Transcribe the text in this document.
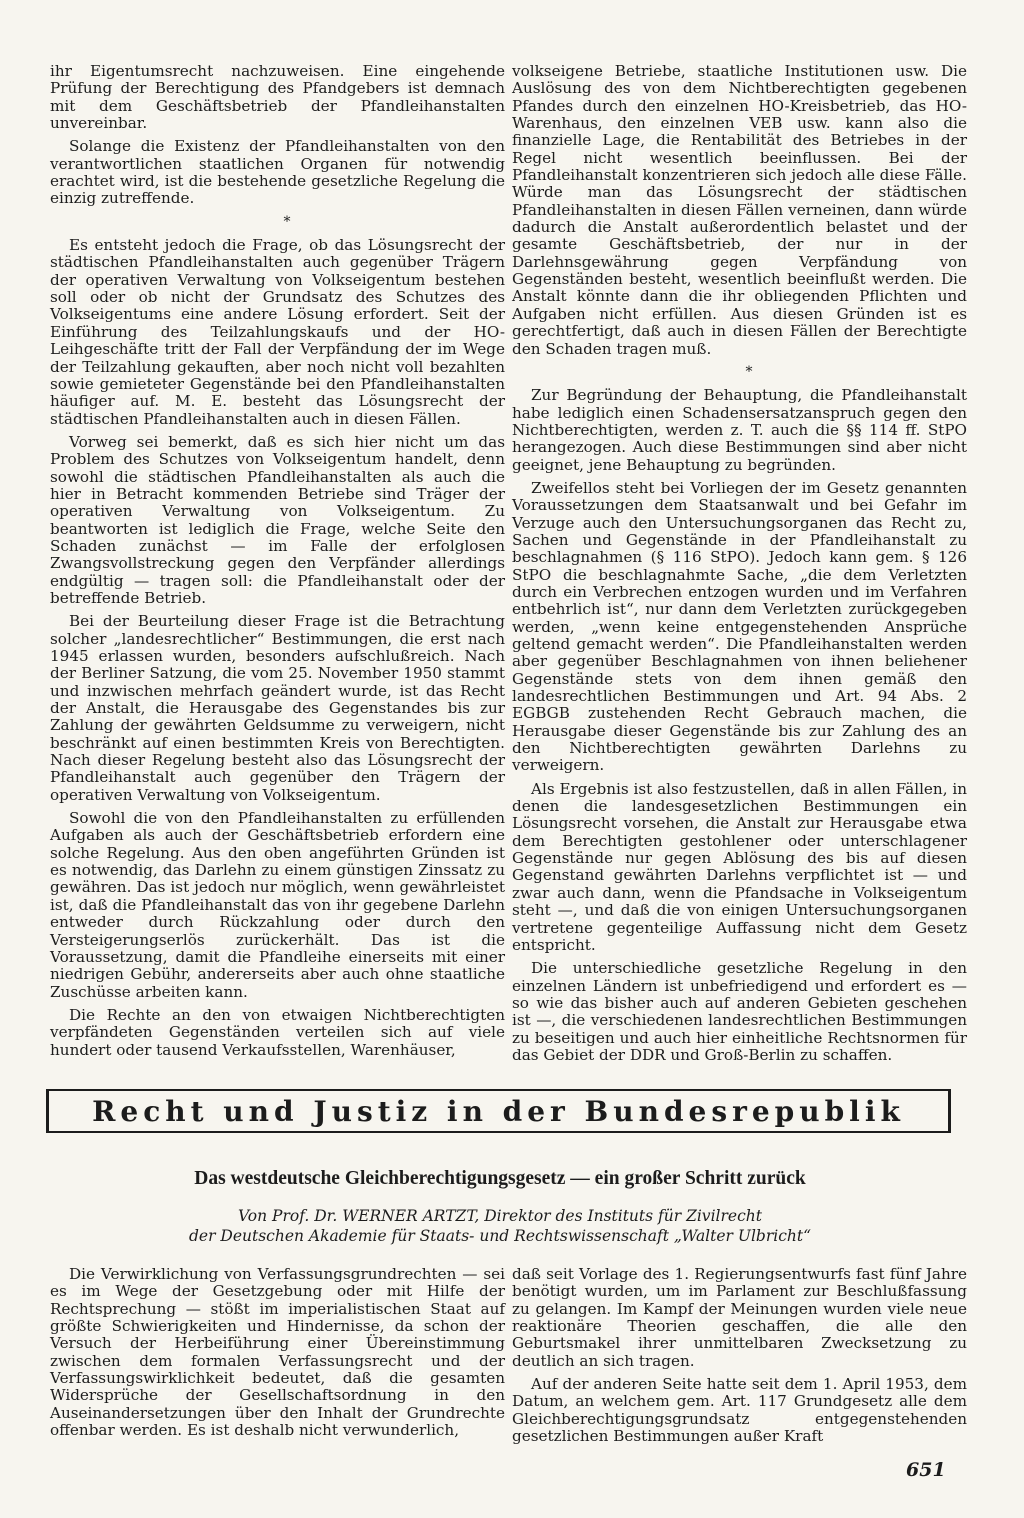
ihr Eigentumsrecht nachzuweisen. Eine eingehende Prüfung der Berechtigung des Pfandgebers ist demnach mit dem Geschäftsbetrieb der Pfandleihanstalten unvereinbar.

Solange die Existenz der Pfandleihanstalten von den verantwortlichen staatlichen Organen für notwendig erachtet wird, ist die bestehende gesetzliche Regelung die einzig zutreffende.

*

Es entsteht jedoch die Frage, ob das Lösungsrecht der städtischen Pfandleihanstalten auch gegenüber Trägern der operativen Verwaltung von Volkseigentum bestehen soll oder ob nicht der Grundsatz des Schutzes des Volkseigentums eine andere Lösung erfordert. Seit der Einführung des Teilzahlungskaufs und der HO-Leihgeschäfte tritt der Fall der Verpfändung der im Wege der Teilzahlung gekauften, aber noch nicht voll bezahlten sowie gemieteter Gegenstände bei den Pfandleihanstalten häufiger auf. M. E. besteht das Lösungsrecht der städtischen Pfandleihanstalten auch in diesen Fällen.

Vorweg sei bemerkt, daß es sich hier nicht um das Problem des Schutzes von Volkseigentum handelt, denn sowohl die städtischen Pfandleihanstalten als auch die hier in Betracht kommenden Betriebe sind Träger der operativen Verwaltung von Volkseigentum. Zu beantworten ist lediglich die Frage, welche Seite den Schaden zunächst — im Falle der erfolglosen Zwangsvollstreckung gegen den Verpfänder allerdings endgültig — tragen soll: die Pfandleihanstalt oder der betreffende Betrieb.

Bei der Beurteilung dieser Frage ist die Betrachtung solcher „landesrechtlicher“ Bestimmungen, die erst nach 1945 erlassen wurden, besonders aufschlußreich. Nach der Berliner Satzung, die vom 25. November 1950 stammt und inzwischen mehrfach geändert wurde, ist das Recht der Anstalt, die Herausgabe des Gegenstandes bis zur Zahlung der gewährten Geldsumme zu verweigern, nicht beschränkt auf einen bestimmten Kreis von Berechtigten. Nach dieser Regelung besteht also das Lösungsrecht der Pfandleihanstalt auch gegenüber den Trägern der operativen Verwaltung von Volkseigentum.

Sowohl die von den Pfandleihanstalten zu erfüllenden Aufgaben als auch der Geschäftsbetrieb erfordern eine solche Regelung. Aus den oben angeführten Gründen ist es notwendig, das Darlehn zu einem günstigen Zinssatz zu gewähren. Das ist jedoch nur möglich, wenn gewährleistet ist, daß die Pfandleihanstalt das von ihr gegebene Darlehn entweder durch Rückzahlung oder durch den Versteigerungserlös zurückerhält. Das ist die Voraussetzung, damit die Pfandleihe einerseits mit einer niedrigen Gebühr, andererseits aber auch ohne staatliche Zuschüsse arbeiten kann.

Die Rechte an den von etwaigen Nichtberechtigten verpfändeten Gegenständen verteilen sich auf viele hundert oder tausend Verkaufsstellen, Warenhäuser,

volkseigene Betriebe, staatliche Institutionen usw. Die Auslösung des von dem Nichtberechtigten gegebenen Pfandes durch den einzelnen HO-Kreisbetrieb, das HO-Warenhaus, den einzelnen VEB usw. kann also die finanzielle Lage, die Rentabilität des Betriebes in der Regel nicht wesentlich beeinflussen. Bei der Pfandleihanstalt konzentrieren sich jedoch alle diese Fälle. Würde man das Lösungsrecht der städtischen Pfandleihanstalten in diesen Fällen verneinen, dann würde dadurch die Anstalt außerordentlich belastet und der gesamte Geschäftsbetrieb, der nur in der Darlehnsgewährung gegen Verpfändung von Gegenständen besteht, wesentlich beeinflußt werden. Die Anstalt könnte dann die ihr obliegenden Pflichten und Aufgaben nicht erfüllen. Aus diesen Gründen ist es gerechtfertigt, daß auch in diesen Fällen der Berechtigte den Schaden tragen muß.

*

Zur Begründung der Behauptung, die Pfandleihanstalt habe lediglich einen Schadensersatzanspruch gegen den Nichtberechtigten, werden z. T. auch die §§ 114 ff. StPO herangezogen. Auch diese Bestimmungen sind aber nicht geeignet, jene Behauptung zu begründen.

Zweifellos steht bei Vorliegen der im Gesetz genannten Voraussetzungen dem Staatsanwalt und bei Gefahr im Verzuge auch den Untersuchungsorganen das Recht zu, Sachen und Gegenstände in der Pfandleihanstalt zu beschlagnahmen (§ 116 StPO). Jedoch kann gem. § 126 StPO die beschlagnahmte Sache, „die dem Verletzten durch ein Verbrechen entzogen wurden und im Verfahren entbehrlich ist“, nur dann dem Verletzten zurückgegeben werden, „wenn keine entgegenstehenden Ansprüche geltend gemacht werden“. Die Pfandleihanstalten werden aber gegenüber Beschlagnahmen von ihnen beliehener Gegenstände stets von dem ihnen gemäß den landesrechtlichen Bestimmungen und Art. 94 Abs. 2 EGBGB zustehenden Recht Gebrauch machen, die Herausgabe dieser Gegenstände bis zur Zahlung des an den Nichtberechtigten gewährten Darlehns zu verweigern.

Als Ergebnis ist also festzustellen, daß in allen Fällen, in denen die landesgesetzlichen Bestimmungen ein Lösungsrecht vorsehen, die Anstalt zur Herausgabe etwa dem Berechtigten gestohlener oder unterschlagener Gegenstände nur gegen Ablösung des bis auf diesen Gegenstand gewährten Darlehns verpflichtet ist — und zwar auch dann, wenn die Pfandsache in Volkseigentum steht —, und daß die von einigen Untersuchungsorganen vertretene gegenteilige Auffassung nicht dem Gesetz entspricht.

Die unterschiedliche gesetzliche Regelung in den einzelnen Ländern ist unbefriedigend und erfordert es — so wie das bisher auch auf anderen Gebieten geschehen ist —, die verschiedenen landesrechtlichen Bestimmungen zu beseitigen und auch hier einheitliche Rechtsnormen für das Gebiet der DDR und Groß-Berlin zu schaffen.

Recht und Justiz in der Bundesrepublik
Das westdeutsche Gleichberechtigungsgesetz — ein großer Schritt zurück
Von Prof. Dr. WERNER ARTZT, Direktor des Instituts für Zivilrecht
der Deutschen Akademie für Staats- und Rechtswissenschaft „Walter Ulbricht“

Die Verwirklichung von Verfassungsgrundrechten — sei es im Wege der Gesetzgebung oder mit Hilfe der Rechtsprechung — stößt im imperialistischen Staat auf größte Schwierigkeiten und Hindernisse, da schon der Versuch der Herbeiführung einer Übereinstimmung zwischen dem formalen Verfassungsrecht und der Verfassungswirklichkeit bedeutet, daß die gesamten Widersprüche der Gesellschaftsordnung in den Auseinandersetzungen über den Inhalt der Grundrechte offenbar werden. Es ist deshalb nicht verwunderlich,

daß seit Vorlage des 1. Regierungsentwurfs fast fünf Jahre benötigt wurden, um im Parlament zur Beschlußfassung zu gelangen. Im Kampf der Meinungen wurden viele neue reaktionäre Theorien geschaffen, die alle den Geburtsmakel ihrer unmittelbaren Zwecksetzung zu deutlich an sich tragen.

Auf der anderen Seite hatte seit dem 1. April 1953, dem Datum, an welchem gem. Art. 117 Grundgesetz alle dem Gleichberechtigungsgrundsatz entgegenstehenden gesetzlichen Bestimmungen außer Kraft

651
